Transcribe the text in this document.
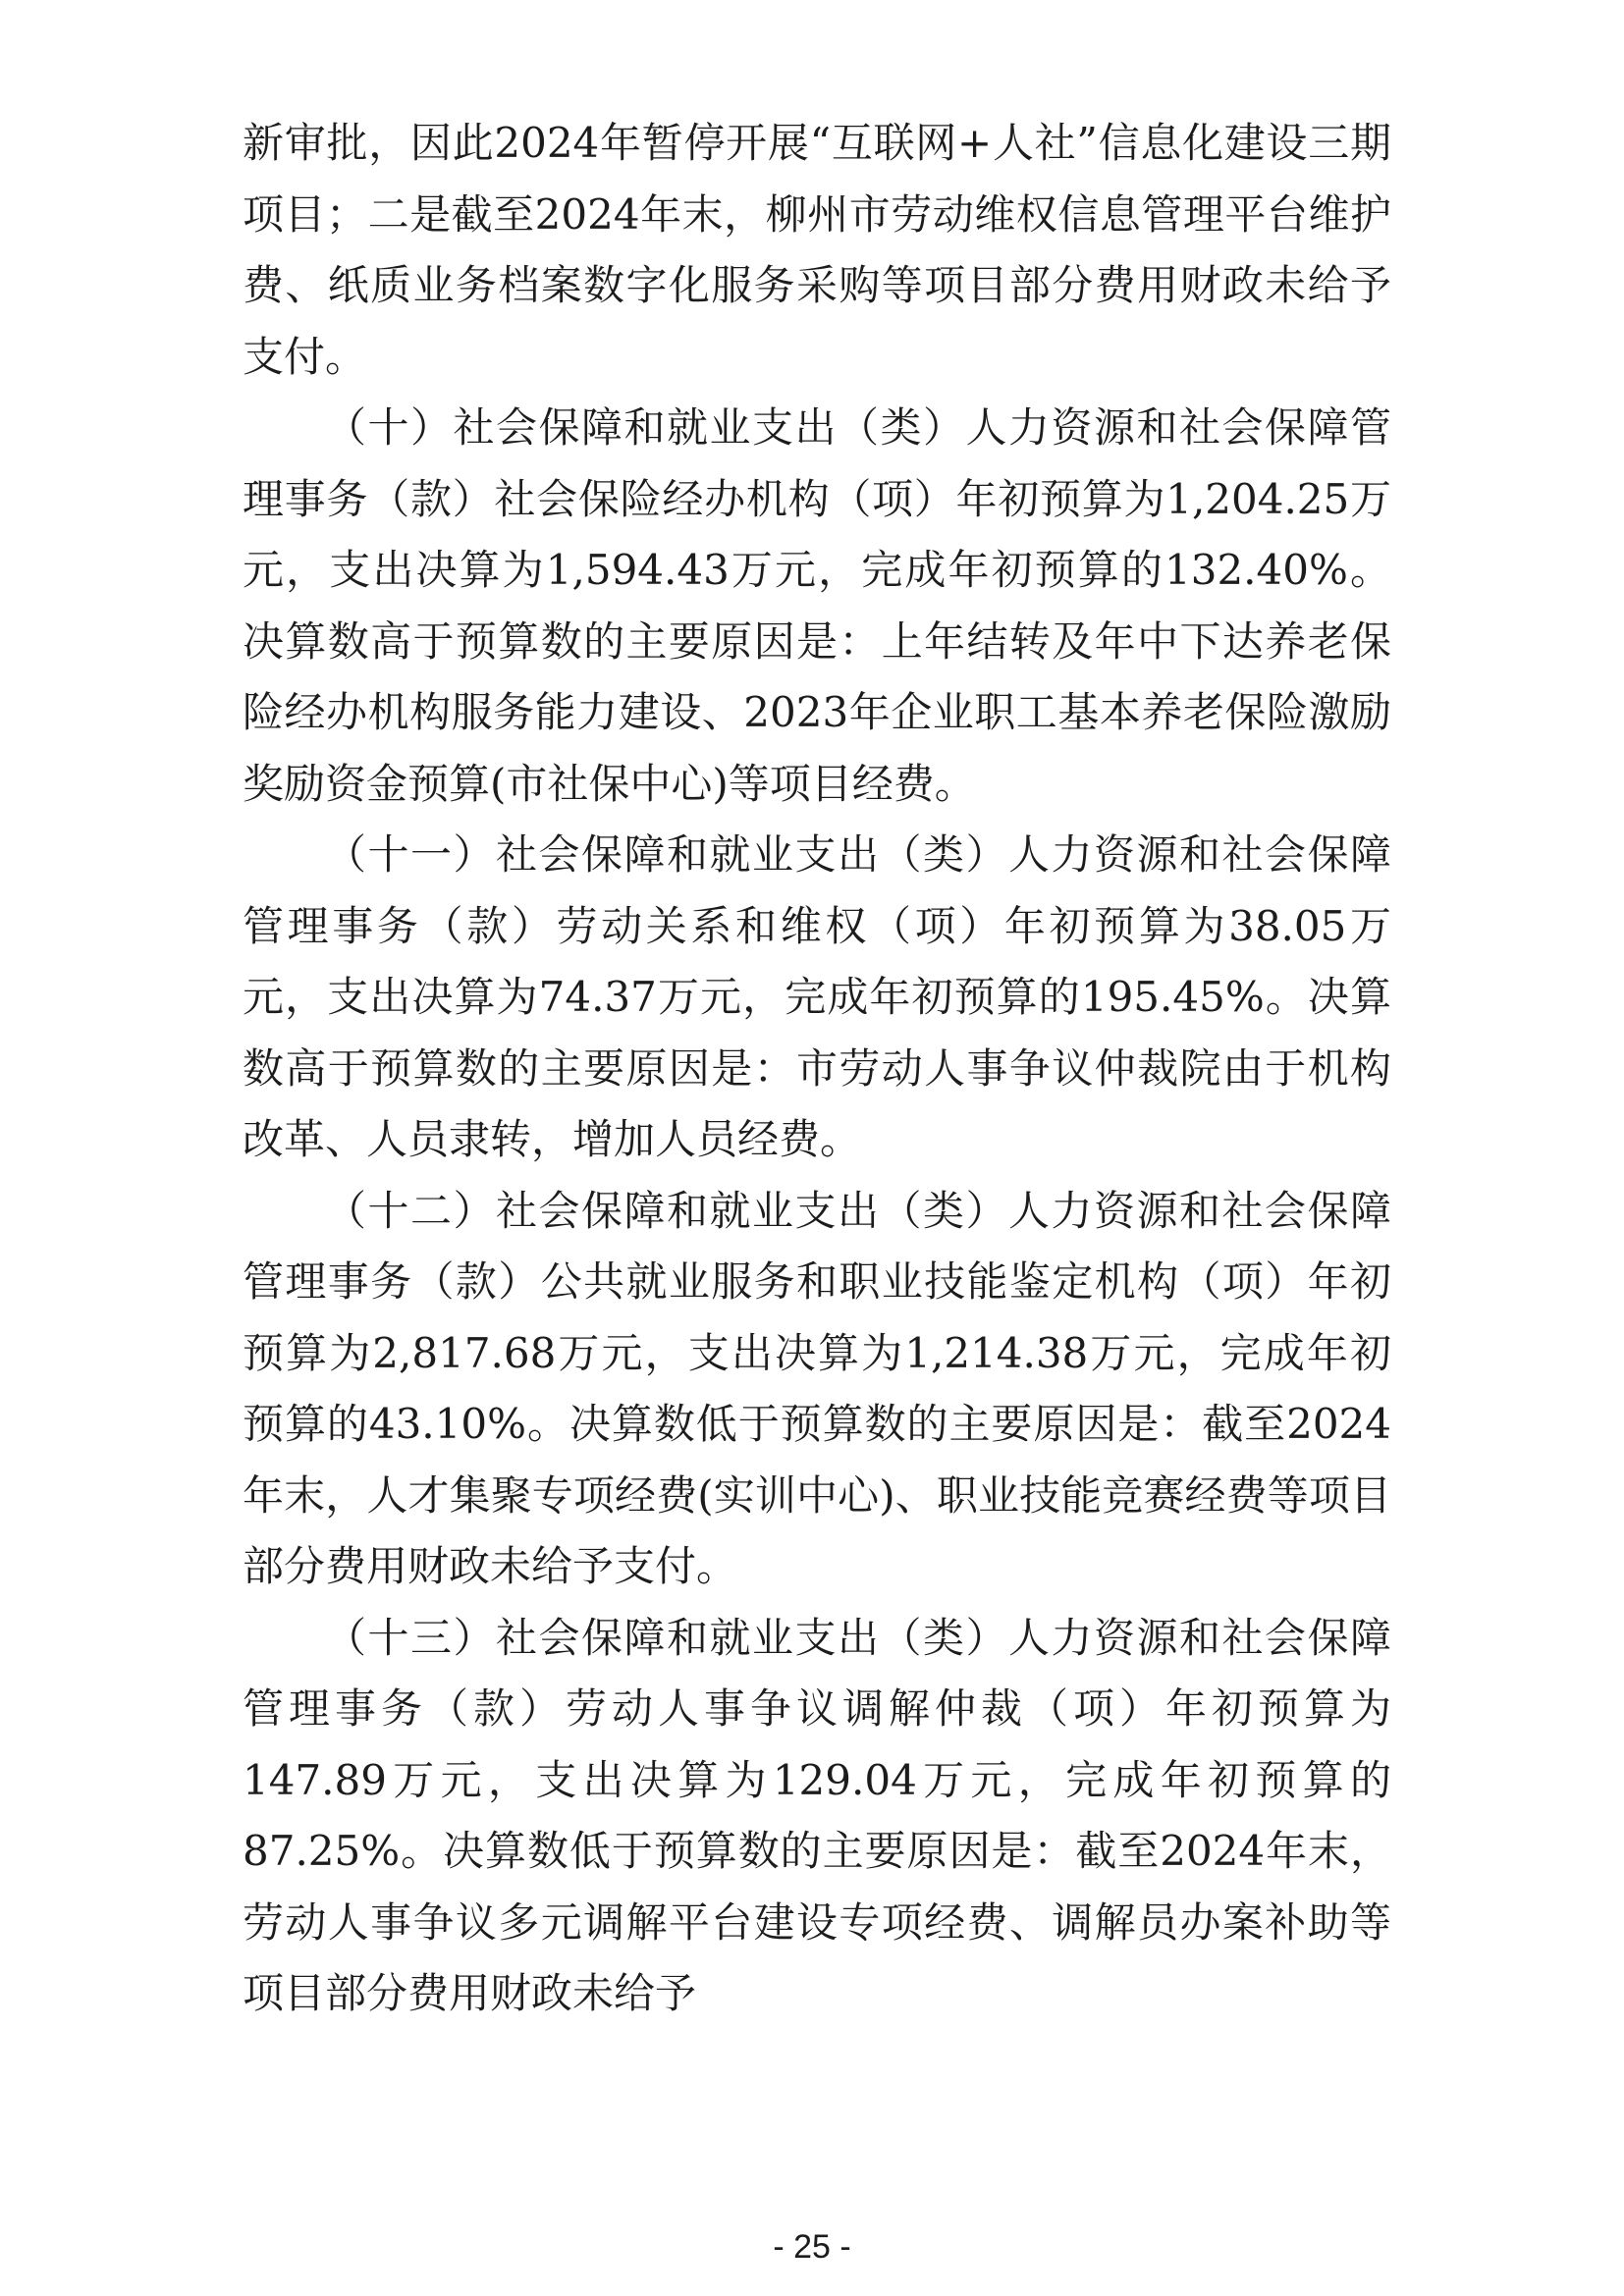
新审批，因此2024年暂停开展“互联网+人社”信息化建设三期项目；二是截至2024年末，柳州市劳动维权信息管理平台维护费、纸质业务档案数字化服务采购等项目部分费用财政未给予支付。

（十）社会保障和就业支出（类）人力资源和社会保障管理事务（款）社会保险经办机构（项）年初预算为1,204.25万元，支出决算为1,594.43万元，完成年初预算的132.40%。决算数高于预算数的主要原因是：上年结转及年中下达养老保险经办机构服务能力建设、2023年企业职工基本养老保险激励奖励资金预算(市社保中心)等项目经费。

（十一）社会保障和就业支出（类）人力资源和社会保障管理事务（款）劳动关系和维权（项）年初预算为38.05万元，支出决算为74.37万元，完成年初预算的195.45%。决算数高于预算数的主要原因是：市劳动人事争议仲裁院由于机构改革、人员隶转，增加人员经费。

（十二）社会保障和就业支出（类）人力资源和社会保障管理事务（款）公共就业服务和职业技能鉴定机构（项）年初预算为2,817.68万元，支出决算为1,214.38万元，完成年初预算的43.10%。决算数低于预算数的主要原因是：截至2024年末，人才集聚专项经费(实训中心)、职业技能竞赛经费等项目部分费用财政未给予支付。

（十三）社会保障和就业支出（类）人力资源和社会保障管理事务（款）劳动人事争议调解仲裁（项）年初预算为147.89万元，支出决算为129.04万元，完成年初预算的87.25%。决算数低于预算数的主要原因是：截至2024年末，劳动人事争议多元调解平台建设专项经费、调解员办案补助等项目部分费用财政未给予

- 25 -
